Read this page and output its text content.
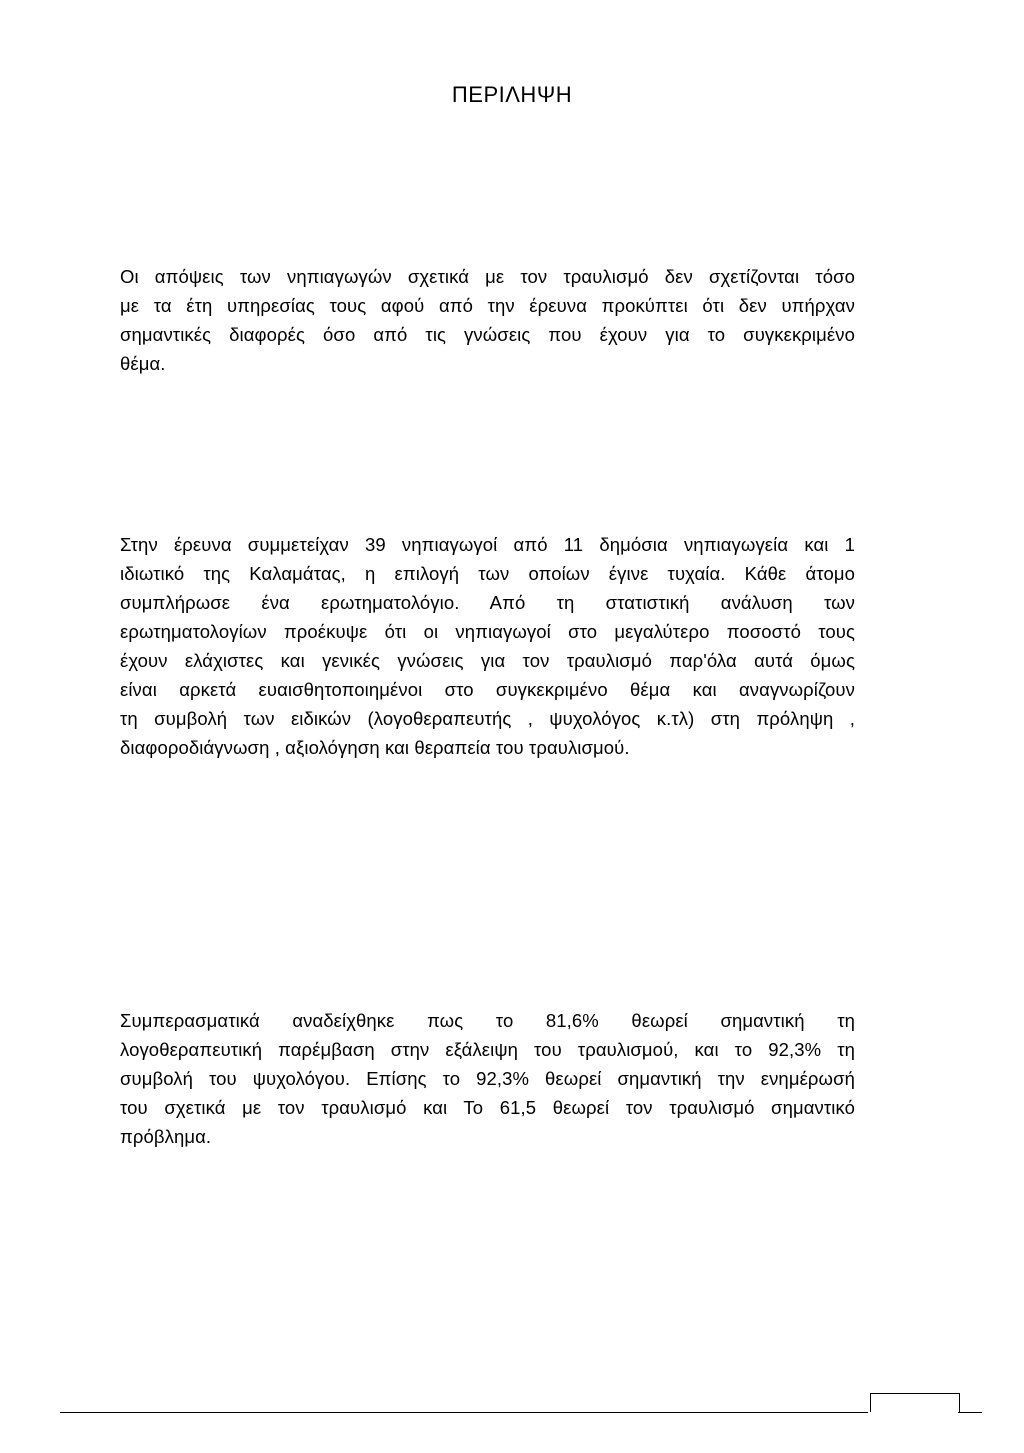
ΠΕΡΙΛΗΨΗ
Οι απόψεις των νηπιαγωγών σχετικά με τον τραυλισμό δεν σχετίζονται τόσο
με τα έτη υπηρεσίας τους αφού από την έρευνα προκύπτει ότι δεν υπήρχαν
σημαντικές διαφορές όσο από τις γνώσεις που έχουν για το συγκεκριμένο
θέμα.
Στην έρευνα συμμετείχαν 39 νηπιαγωγοί από 11 δημόσια νηπιαγωγεία και 1
ιδιωτικό της Καλαμάτας, η επιλογή των οποίων έγινε τυχαία. Κάθε άτομο
συμπλήρωσε ένα ερωτηματολόγιο. Από τη στατιστική ανάλυση των
ερωτηματολογίων προέκυψε ότι οι νηπιαγωγοί στο μεγαλύτερο ποσοστό τους
έχουν ελάχιστες και γενικές γνώσεις για τον τραυλισμό παρ'όλα αυτά όμως
είναι αρκετά ευαισθητοποιημένοι στο συγκεκριμένο θέμα και αναγνωρίζουν
τη συμβολή των ειδικών (λογοθεραπευτής , ψυχολόγος κ.τλ) στη πρόληψη ,
διαφοροδιάγνωση , αξιολόγηση και θεραπεία του τραυλισμού.
Συμπερασματικά αναδείχθηκε πως το 81,6% θεωρεί σημαντική τη
λογοθεραπευτική παρέμβαση στην εξάλειψη του τραυλισμού, και το 92,3% τη
συμβολή του ψυχολόγου. Επίσης το 92,3% θεωρεί σημαντική την ενημέρωσή
του σχετικά με τον τραυλισμό και Το 61,5 θεωρεί τον τραυλισμό σημαντικό
πρόβλημα.
